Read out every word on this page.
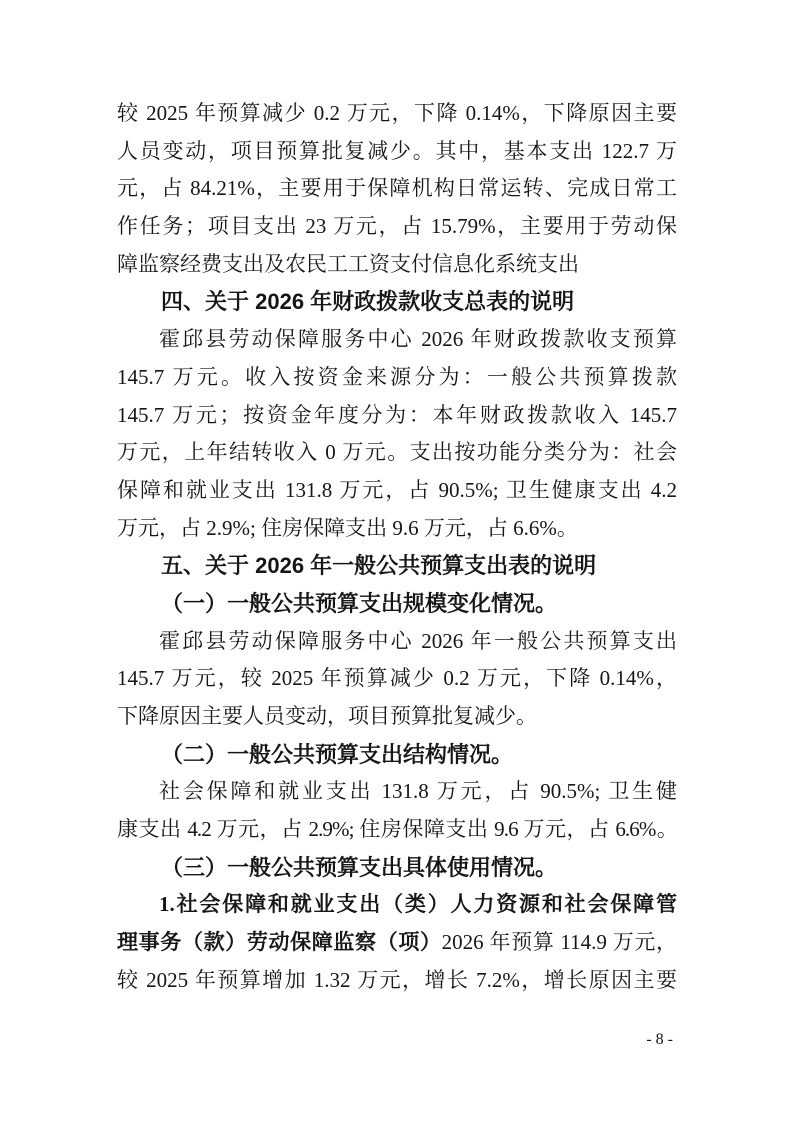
较 2025 年预算减少 0.2 万元，下降 0.14%，下降原因主要
人员变动，项目预算批复减少。其中，基本支出 122.7 万
元，占 84.21%，主要用于保障机构日常运转、完成日常工
作任务；项目支出 23 万元，占 15.79%，主要用于劳动保
障监察经费支出及农民工工资支付信息化系统支出
四、关于 2026 年财政拨款收支总表的说明
霍邱县劳动保障服务中心 2026 年财政拨款收支预算
145.7 万元。收入按资金来源分为：一般公共预算拨款
145.7 万元；按资金年度分为：本年财政拨款收入 145.7
万元，上年结转收入 0 万元。支出按功能分类分为：社会
保障和就业支出 131.8 万元，占 90.5%; 卫生健康支出 4.2
万元，占 2.9%; 住房保障支出 9.6 万元，占 6.6%。
五、关于 2026 年一般公共预算支出表的说明
（一）一般公共预算支出规模变化情况。
霍邱县劳动保障服务中心 2026 年一般公共预算支出
145.7 万元，较 2025 年预算减少 0.2 万元，下降 0.14%，
下降原因主要人员变动，项目预算批复减少。
（二）一般公共预算支出结构情况。
社会保障和就业支出 131.8 万元，占 90.5%; 卫生健
康支出 4.2 万元，占 2.9%; 住房保障支出 9.6 万元，占 6.6%。
（三）一般公共预算支出具体使用情况。
1.社会保障和就业支出（类）人力资源和社会保障管
理事务（款）劳动保障监察（项）2026 年预算 114.9 万元，
较 2025 年预算增加 1.32 万元，增长 7.2%，增长原因主要
- 8 -
